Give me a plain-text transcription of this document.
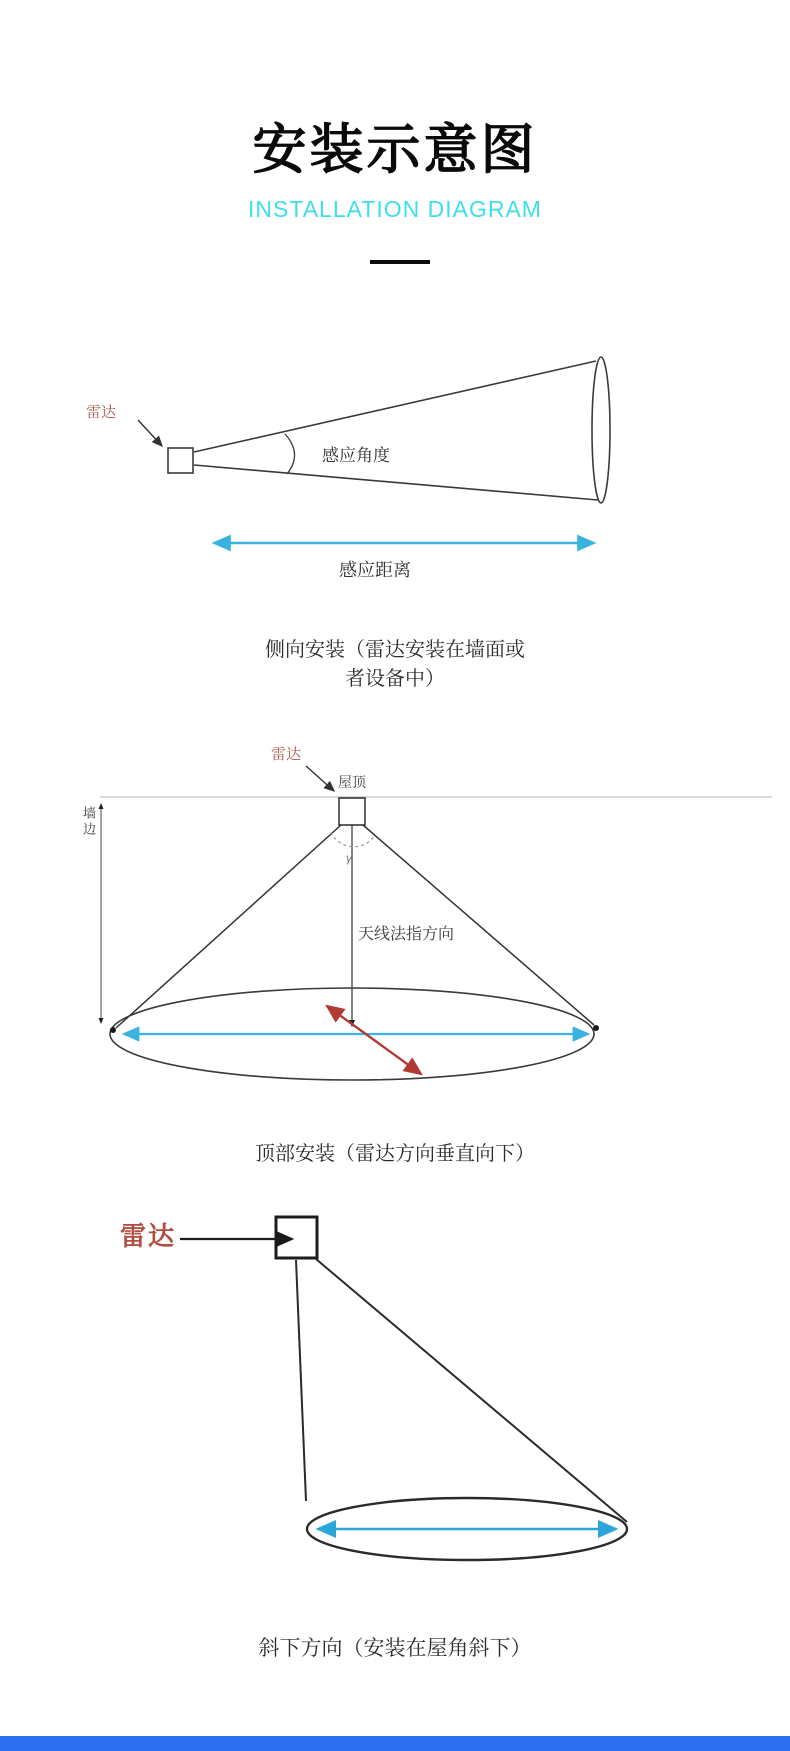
安装示意图
INSTALLATION DIAGRAM
雷达
感应角度
感应距离
侧向安装（雷达安装在墙面或
者设备中）
雷达
屋顶
墙边
γ
天线法指方向
顶部安装（雷达方向垂直向下）
雷达
斜下方向（安装在屋角斜下）
